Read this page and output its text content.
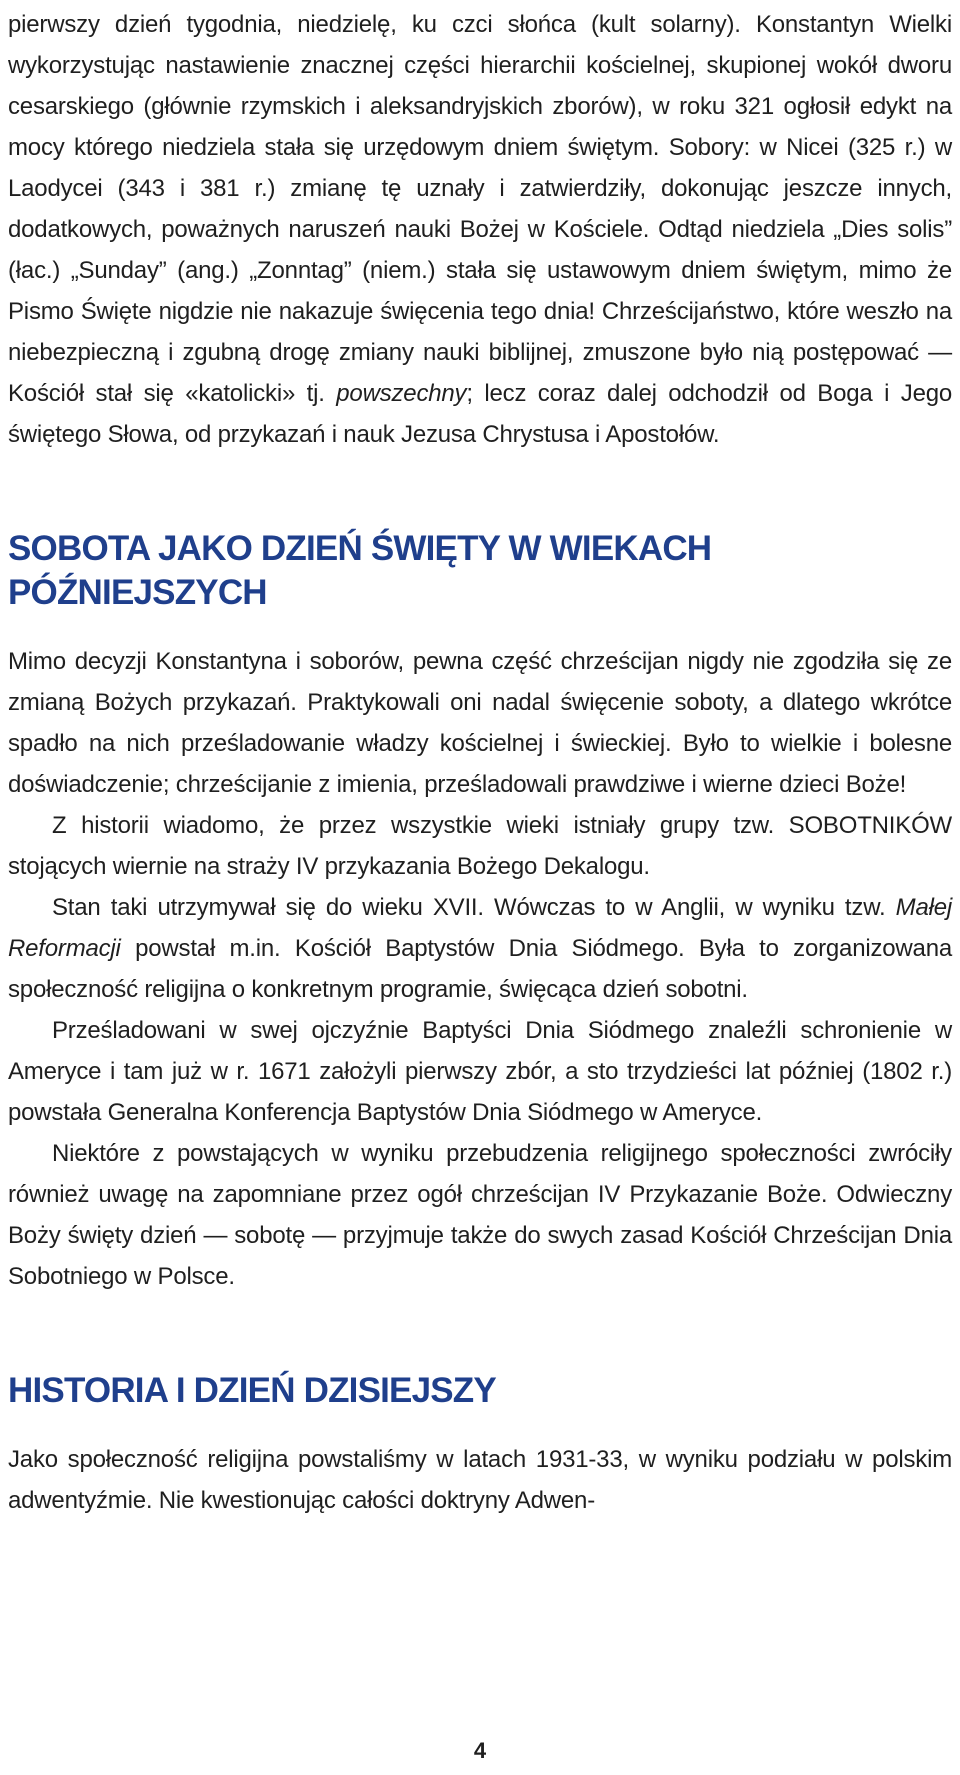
pierwszy dzień tygodnia, niedzielę, ku czci słońca (kult solarny). Konstantyn Wielki wykorzystując nastawienie znacznej części hierarchii kościelnej, skupionej wokół dworu cesarskiego (głównie rzymskich i aleksandryjskich zborów), w roku 321 ogłosił edykt na mocy którego niedziela stała się urzędowym dniem świętym. Sobory: w Nicei (325 r.) w Laodycei (343 i 381 r.) zmianę tę uznały i zatwierdziły, dokonując jeszcze innych, dodatkowych, poważnych naruszeń nauki Bożej w Kościele. Odtąd niedziela „Dies solis” (łac.) „Sunday” (ang.) „Zonntag” (niem.) stała się ustawowym dniem świętym, mimo że Pismo Święte nigdzie nie nakazuje święcenia tego dnia! Chrześcijaństwo, które weszło na niebezpieczną i zgubną drogę zmiany nauki biblijnej, zmuszone było nią postępować — Kościół stał się «katolicki» tj. powszechny; lecz coraz dalej odchodził od Boga i Jego świętego Słowa, od przykazań i nauk Jezusa Chrystusa i Apostołów.

SOBOTA JAKO DZIEŃ ŚWIĘTY W WIEKACH PÓŹNIEJSZYCH

Mimo decyzji Konstantyna i soborów, pewna część chrześcijan nigdy nie zgodziła się ze zmianą Bożych przykazań. Praktykowali oni nadal święcenie soboty, a dlatego wkrótce spadło na nich prześladowanie władzy kościelnej i świeckiej. Było to wielkie i bolesne doświadczenie; chrześcijanie z imienia, prześladowali prawdziwe i wierne dzieci Boże!

Z historii wiadomo, że przez wszystkie wieki istniały grupy tzw. SOBOTNIKÓW stojących wiernie na straży IV przykazania Bożego Dekalogu.

Stan taki utrzymywał się do wieku XVII. Wówczas to w Anglii, w wyniku tzw. Małej Reformacji powstał m.in. Kościół Baptystów Dnia Siódmego. Była to zorganizowana społeczność religijna o konkretnym programie, święcąca dzień sobotni.

Prześladowani w swej ojczyźnie Baptyści Dnia Siódmego znaleźli schronienie w Ameryce i tam już w r. 1671 założyli pierwszy zbór, a sto trzydzieści lat później (1802 r.) powstała Generalna Konferencja Baptystów Dnia Siódmego w Ameryce.

Niektóre z powstających w wyniku przebudzenia religijnego społeczności zwróciły również uwagę na zapomniane przez ogół chrześcijan IV Przykazanie Boże. Odwieczny Boży święty dzień — sobotę — przyjmuje także do swych zasad Kościół Chrześcijan Dnia Sobotniego w Polsce.

HISTORIA I DZIEŃ DZISIEJSZY

Jako społeczność religijna powstaliśmy w latach 1931-33, w wyniku podziału w polskim adwentyźmie. Nie kwestionując całości doktryny Adwen-

4
